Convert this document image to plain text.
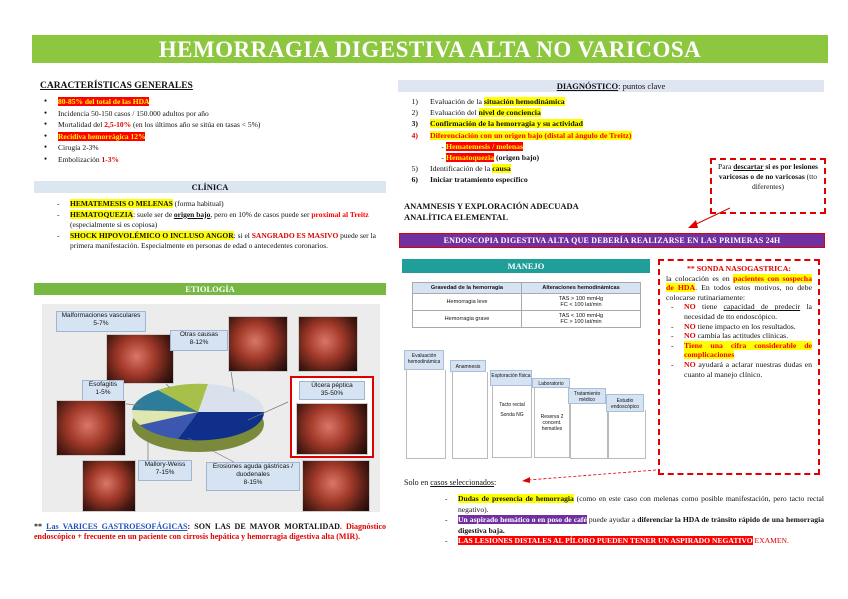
HEMORRAGIA DIGESTIVA ALTA NO VARICOSA
CARACTERÍSTICAS GENERALES
● 80-85% del total de las HDA
● Incidencia 50-150 casos / 150.000 adultos por año
● Mortalidad del 2,5-10% (en los últimos año se sitúa en tasas < 5%)
● Recidiva hemorrágica 12%
● Cirugía 2-3%
● Embolización 1-3%
CLÍNICA
- HEMATEMESIS O MELENAS (forma habitual)
- HEMATOQUEZIA: suele ser de origen bajo, pero en 10% de casos puede ser proximal al Treitz (especialmente si es copiosa)
- SHOCK HIPOVOLÉMICO O INCLUSO ANGOR: si el SANGRADO ES MASIVO puede ser la primera manifestación. Especialmente en personas de edad o antecedentes coronarios.
ETIOLOGÍA
Malformaciones vasculares
5-7%
Otras causas
8-12%
Esofagitis
1-5%
Úlcera péptica
35-50%
Mallory-Weiss
7-15%
Erosiones aguda gástricas / duodenales
8-15%
** Las VARICES GASTROESOFÁGICAS: SON LAS DE MAYOR MORTALIDAD. Diagnóstico endoscópico + frecuente en un paciente con cirrosis hepática y hemorragia digestiva alta (MIR).
DIAGNÓSTICO: puntos clave
1) Evaluación de la situación hemodinámica
2) Evaluación del nivel de conciencia
3) Confirmación de la hemorragia y su actividad
4) Diferenciación con un origen bajo (distal al ángulo de Treitz)
- Hematemesis / melenas
- Hematoquezia (origen bajo)
5) Identificación de la causa
6) Iniciar tratamiento específico
Para descartar si es por lesiones varicosas o de no varicosas (tto diferentes)
ANAMNESIS Y EXPLORACIÓN ADECUADA
ANALÍTICA ELEMENTAL
ENDOSCOPIA DIGESTIVA ALTA QUE DEBERÍA REALIZARSE EN LAS PRIMERAS 24H
MANEJO
Gravedad de la hemorragia	Alteraciones hemodinámicas
Hemorragia leve	TAS > 100 mmHg
FC < 100 lat/min

Hemorragia grave	TAS < 100 mmHg
FC > 100 lat/min
Evaluación hemodinámica
Anamnesis
Tacto rectal
Sonda NG
Exploración física
Reserva 2 concent. hematíes
Laboratorio
Tratamiento médico	Estudio endoscópico
** SONDA NASOGASTRICA:
la colocación es en pacientes con sospecha de HDA. En todos estos motivos, no debe colocarse rutinariamente:
- NO tiene capacidad de predecir la necesidad de tto endoscópico.
- NO tiene impacto en los resultados.
- NO cambia las actitudes clínicas.
- Tiene una cifra considerable de complicaciones
- NO ayudará a aclarar nuestras dudas en cuanto al manejo clínico.
Solo en casos seleccionados:
- Dudas de presencia de hemorragia (como en este caso con melenas como posible manifestación, pero tacto rectal negativo).
- Un aspirado hemático o en poso de café puede ayudar a diferenciar la HDA de tránsito rápido de una hemorragia digestiva baja.
- LAS LESIONES DISTALES AL PÍLORO PUEDEN TENER UN ASPIRADO NEGATIVO EXAMEN.
